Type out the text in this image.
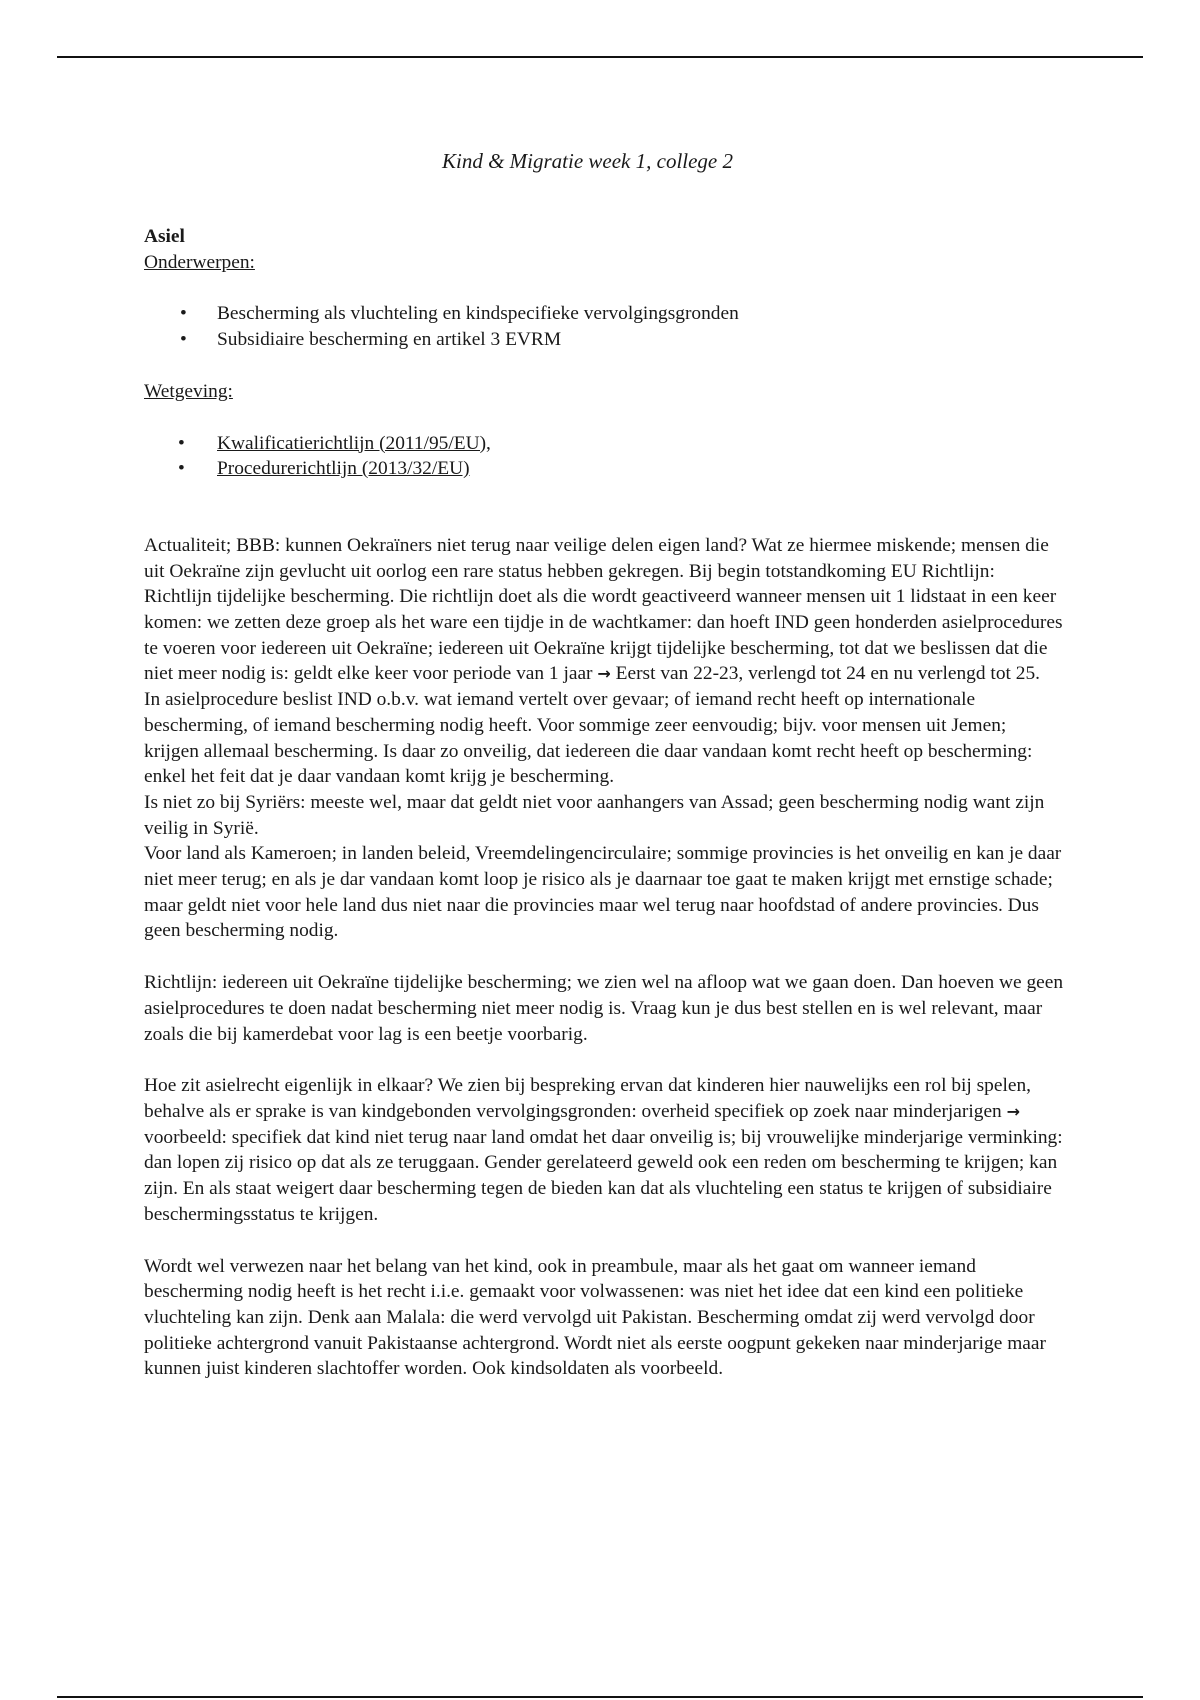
Kind & Migratie week 1, college 2

Asiel

Onderwerpen:

• Bescherming als vluchteling en kindspecifieke vervolgingsgronden
• Subsidiaire bescherming en artikel 3 EVRM

Wetgeving:

• Kwalificatierichtlijn (2011/95/EU),
• Procedurerichtlijn (2013/32/EU)

Actualiteit; BBB: kunnen Oekraïners niet terug naar veilige delen eigen land? Wat ze hiermee miskende; mensen die uit Oekraïne zijn gevlucht uit oorlog een rare status hebben gekregen. Bij begin totstandkoming EU Richtlijn: Richtlijn tijdelijke bescherming. Die richtlijn doet als die wordt geactiveerd wanneer mensen uit 1 lidstaat in een keer komen: we zetten deze groep als het ware een tijdje in de wachtkamer: dan hoeft IND geen honderden asielprocedures te voeren voor iedereen uit Oekraïne; iedereen uit Oekraïne krijgt tijdelijke bescherming, tot dat we beslissen dat die niet meer nodig is: geldt elke keer voor periode van 1 jaar → Eerst van 22-23, verlengd tot 24 en nu verlengd tot 25.

In asielprocedure beslist IND o.b.v. wat iemand vertelt over gevaar; of iemand recht heeft op internationale bescherming, of iemand bescherming nodig heeft. Voor sommige zeer eenvoudig; bijv. voor mensen uit Jemen; krijgen allemaal bescherming. Is daar zo onveilig, dat iedereen die daar vandaan komt recht heeft op bescherming: enkel het feit dat je daar vandaan komt krijg je bescherming.

Is niet zo bij Syriërs: meeste wel, maar dat geldt niet voor aanhangers van Assad; geen bescherming nodig want zijn veilig in Syrië.

Voor land als Kameroen; in landen beleid, Vreemdelingencirculaire; sommige provincies is het onveilig en kan je daar niet meer terug; en als je dar vandaan komt loop je risico als je daarnaar toe gaat te maken krijgt met ernstige schade; maar geldt niet voor hele land dus niet naar die provincies maar wel terug naar hoofdstad of andere provincies. Dus geen bescherming nodig.

Richtlijn: iedereen uit Oekraïne tijdelijke bescherming; we zien wel na afloop wat we gaan doen. Dan hoeven we geen asielprocedures te doen nadat bescherming niet meer nodig is. Vraag kun je dus best stellen en is wel relevant, maar zoals die bij kamerdebat voor lag is een beetje voorbarig.

Hoe zit asielrecht eigenlijk in elkaar? We zien bij bespreking ervan dat kinderen hier nauwelijks een rol bij spelen, behalve als er sprake is van kindgebonden vervolgingsgronden: overheid specifiek op zoek naar minderjarigen → voorbeeld: specifiek dat kind niet terug naar land omdat het daar onveilig is; bij vrouwelijke minderjarige verminking: dan lopen zij risico op dat als ze teruggaan. Gender gerelateerd geweld ook een reden om bescherming te krijgen; kan zijn. En als staat weigert daar bescherming tegen de bieden kan dat als vluchteling een status te krijgen of subsidiaire beschermingsstatus te krijgen.

Wordt wel verwezen naar het belang van het kind, ook in preambule, maar als het gaat om wanneer iemand bescherming nodig heeft is het recht i.i.e. gemaakt voor volwassenen: was niet het idee dat een kind een politieke vluchteling kan zijn. Denk aan Malala: die werd vervolgd uit Pakistan. Bescherming omdat zij werd vervolgd door politieke achtergrond vanuit Pakistaanse achtergrond. Wordt niet als eerste oogpunt gekeken naar minderjarige maar kunnen juist kinderen slachtoffer worden. Ook kindsoldaten als voorbeeld.
